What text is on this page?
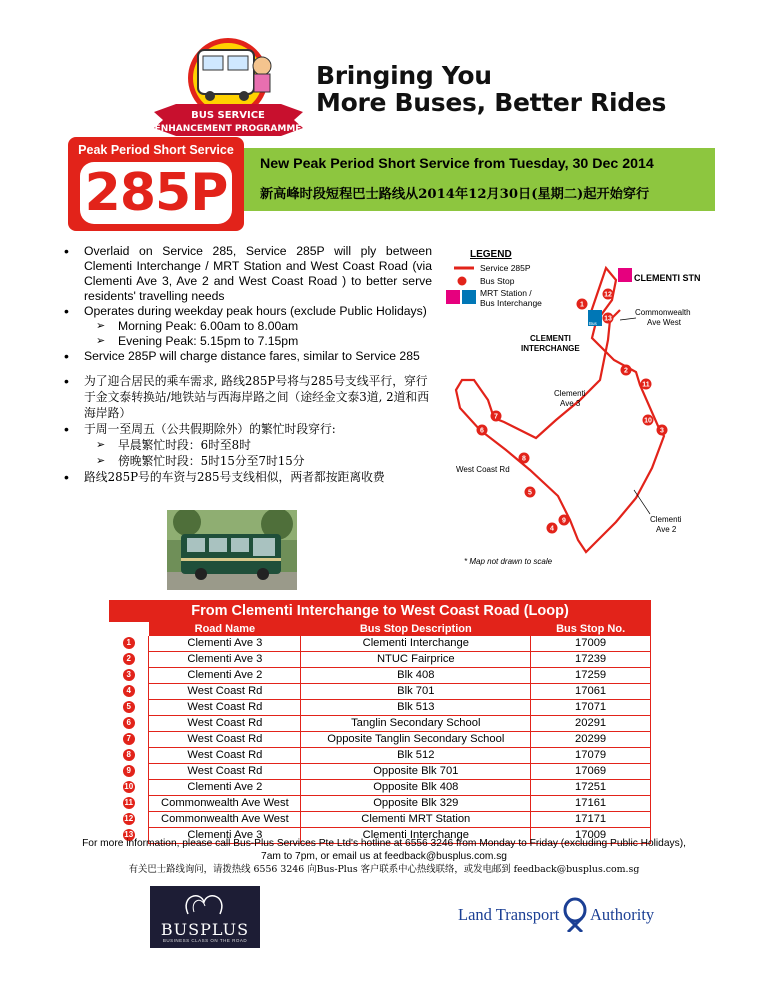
BUS SERVICE
ENHANCEMENT PROGRAMME
Bringing You
More Buses, Better Rides
New Peak Period Short Service from Tuesday, 30 Dec 2014
新高峰时段短程巴士路线从2014年12月30日(星期二)起开始穿行
Peak Period Short Service
285P
• Overlaid on Service 285, Service 285P will ply between Clementi Interchange / MRT Station and West Coast Road (via Clementi Ave 3, Ave 2 and West Coast Road ) to better serve residents' travelling needs
• Operates during weekday peak hours (exclude Public Holidays)
➢ Morning Peak: 6.00am to 8.00am
➢ Evening Peak: 5.15pm to 7.15pm
• Service 285P will charge distance fares, similar to Service 285
• 为了迎合居民的乘车需求, 路线285P号将与285号支线平行，穿行于金文泰转换站/地铁站与西海岸路之间（途经金文泰3道, 2道和西海岸路）
• 于周一至周五（公共假期除外）的繁忙时段穿行:
➢ 早晨繁忙时段：6时至8时
➢ 傍晚繁忙时段：5时15分至7时15分
• 路线285P号的车资与285号支线相似，两者都按距离收费
LEGEND
Service 285P
Bus Stop
MRT Station /
Bus Interchange
MRT
CLEMENTI STN
Bus
Commonwealth
Ave West
CLEMENTI
INTERCHANGE
Clementi
Ave 3
West Coast Rd
Clementi
Ave 2
1
12
13
2
11
10
3
7
6
8
5
9
4
* Map not drawn to scale
From Clementi Interchange to West Coast Road (Loop)
	Road Name	Bus Stop Description	Bus Stop No.
1	Clementi Ave 3	Clementi Interchange	17009
2	Clementi Ave 3	NTUC Fairprice	17239
3	Clementi Ave 2	Blk 408	17259
4	West Coast Rd	Blk 701	17061
5	West Coast Rd	Blk 513	17071
6	West Coast Rd	Tanglin Secondary School	20291
7	West Coast Rd	Opposite Tanglin Secondary School	20299
8	West Coast Rd	Blk 512	17079
9	West Coast Rd	Opposite Blk 701	17069
10	Clementi Ave 2	Opposite Blk 408	17251
11	Commonwealth Ave West	Opposite Blk 329	17161
12	Commonwealth Ave West	Clementi MRT Station	17171
13	Clementi Ave 3	Clementi Interchange	17009
For more information, please call Bus-Plus Services Pte Ltd's hotline at 6556 3246 from Monday to Friday (excluding Public Holidays),
7am to 7pm, or email us at feedback@busplus.com.sg
有关巴士路线询问，请拨热线 6556 3246 向Bus-Plus 客户联系中心热线联络，或发电邮到 feedback@busplus.com.sg
BUSPLUS
BUSINESS CLASS ON THE ROAD
Land Transport Authority
